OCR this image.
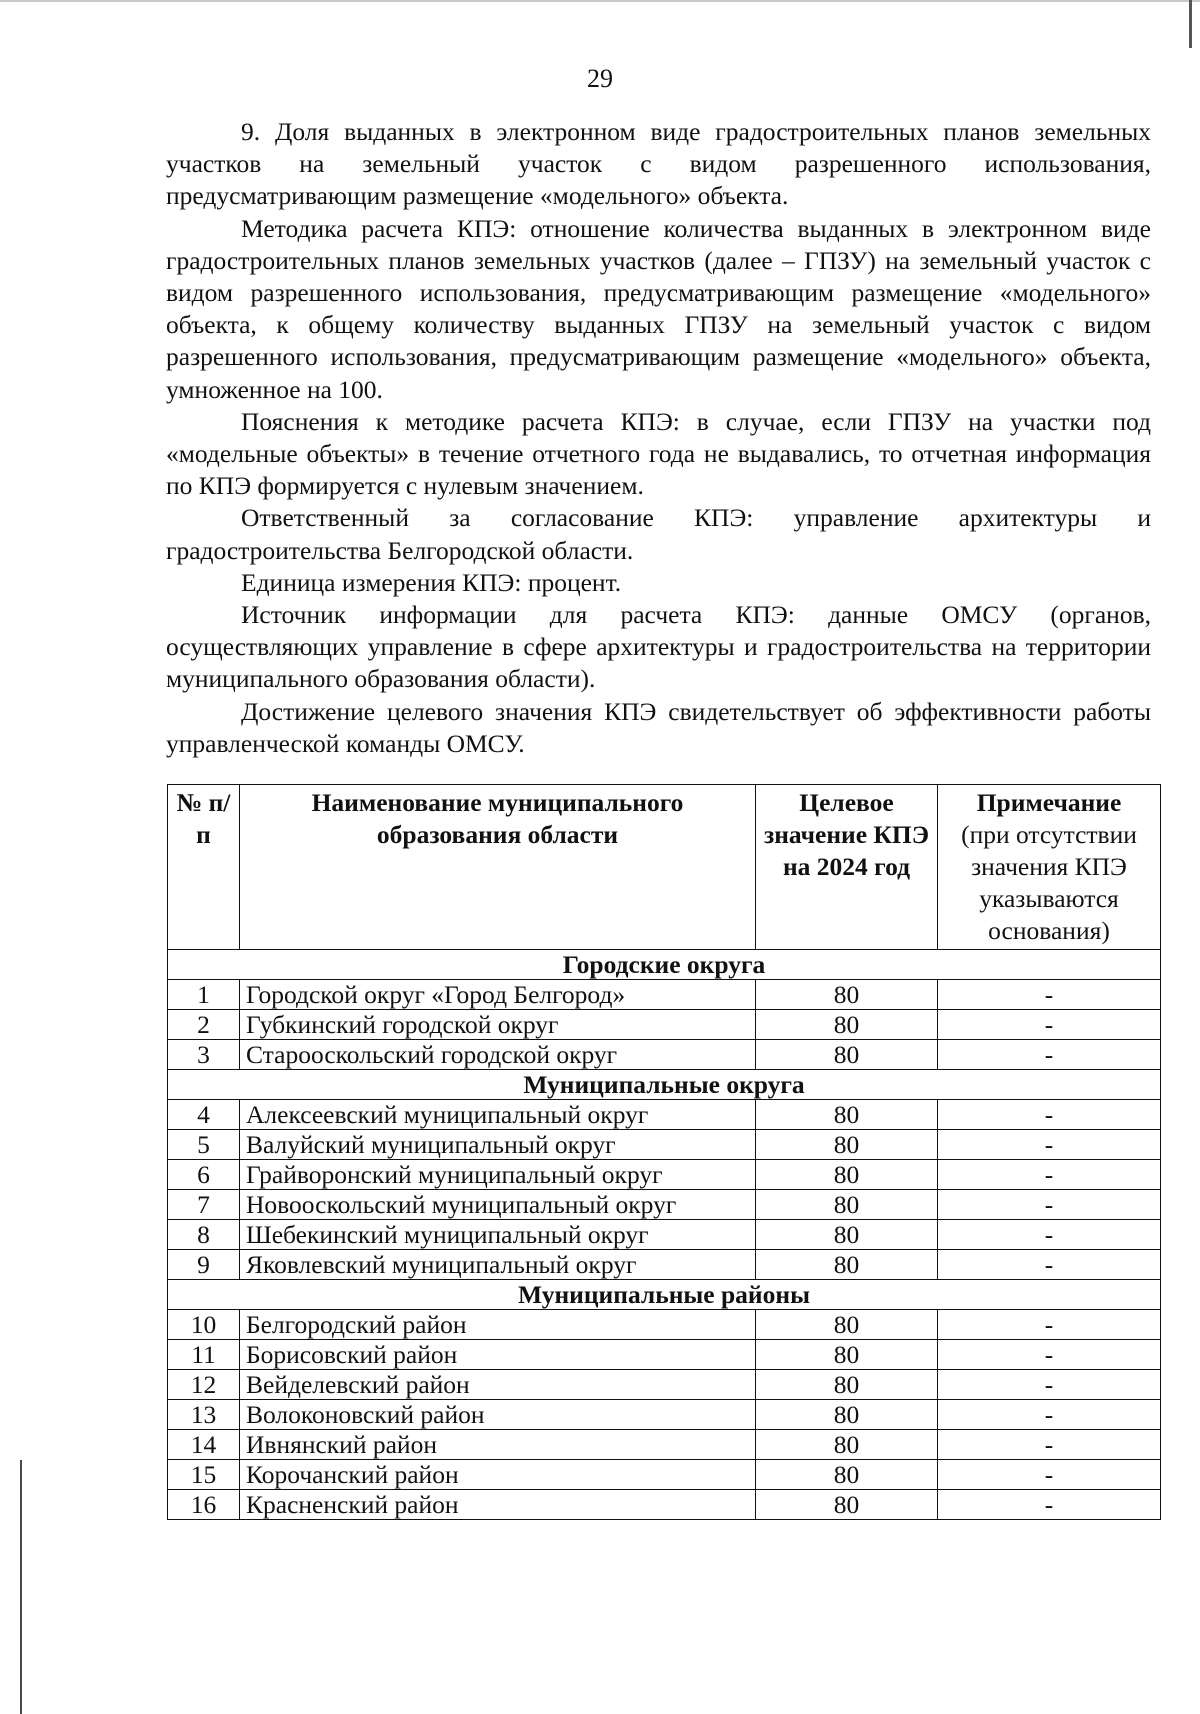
29

9. Доля выданных в электронном виде градостроительных планов земельных участков на земельный участок с видом разрешенного использования, предусматривающим размещение «модельного» объекта.

Методика расчета КПЭ: отношение количества выданных в электронном виде градостроительных планов земельных участков (далее – ГПЗУ) на земельный участок с видом разрешенного использования, предусматривающим размещение «модельного» объекта, к общему количеству выданных ГПЗУ на земельный участок с видом разрешенного использования, предусматривающим размещение «модельного» объекта, умноженное на 100.

Пояснения к методике расчета КПЭ: в случае, если ГПЗУ на участки под «модельные объекты» в течение отчетного года не выдавались, то отчетная информация по КПЭ формируется с нулевым значением.

Ответственный за согласование КПЭ: управление архитектуры и градостроительства Белгородской области.

Единица измерения КПЭ: процент.

Источник информации для расчета КПЭ: данные ОМСУ (органов, осуществляющих управление в сфере архитектуры и градостроительства на территории муниципального образования области).

Достижение целевого значения КПЭ свидетельствует об эффективности работы управленческой команды ОМСУ.

№ п/п	Наименование муниципального образования области	Целевое значение КПЭ на 2024 год	Примечание
(при отсутствии значения КПЭ указываются основания)
Городские округа			
1	Городской округ «Город Белгород»	80	-
2	Губкинский городской округ	80	-
3	Старооскольский городской округ	80	-
Муниципальные округа			
4	Алексеевский муниципальный округ	80	-
5	Валуйский муниципальный округ	80	-
6	Грайворонский муниципальный округ	80	-
7	Новооскольский муниципальный округ	80	-
8	Шебекинский муниципальный округ	80	-
9	Яковлевский муниципальный округ	80	-
Муниципальные районы			
10	Белгородский район	80	-
11	Борисовский район	80	-
12	Вейделевский район	80	-
13	Волоконовский район	80	-
14	Ивнянский район	80	-
15	Корочанский район	80	-
16	Красненский район	80	-
